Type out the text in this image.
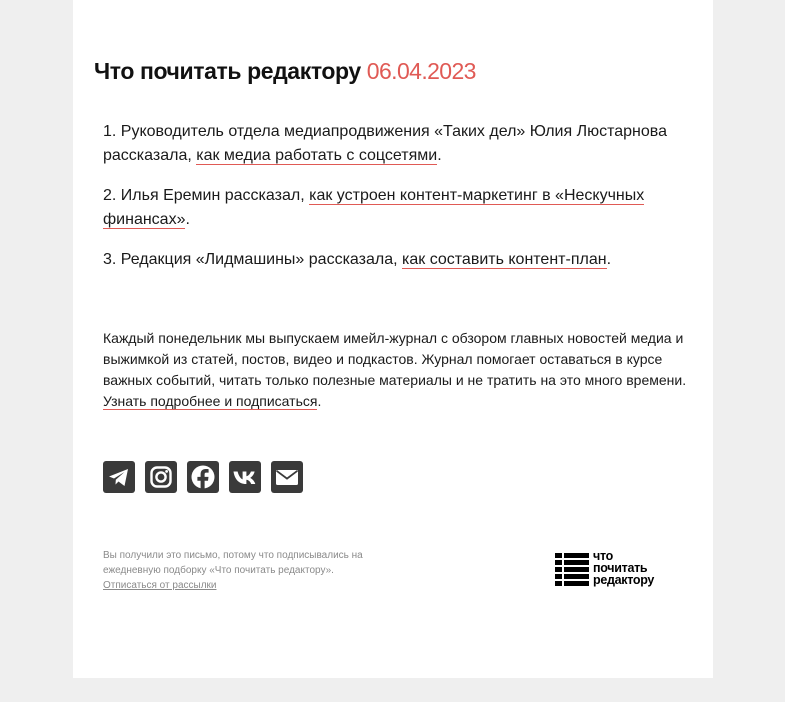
Что почитать редактору 06.04.2023

1. Руководитель отдела медиапродвижения «Таких дел» Юлия Люстарнова рассказала, как медиа работать с соцсетями.

2. Илья Еремин рассказал, как устроен контент-маркетинг в «Нескучных финансах».

3. Редакция «Лидмашины» рассказала, как составить контент-план.

Каждый понедельник мы выпускаем имейл-журнал с обзором главных новостей медиа и выжимкой из статей, постов, видео и подкастов. Журнал помогает оставаться в курсе важных событий, читать только полезные материалы и не тратить на это много времени. Узнать подробнее и подписаться.

Вы получили это письмо, потому что подписывались на ежедневную подборку «Что почитать редактору».

Отписаться от рассылки
что
почитать
редактору
